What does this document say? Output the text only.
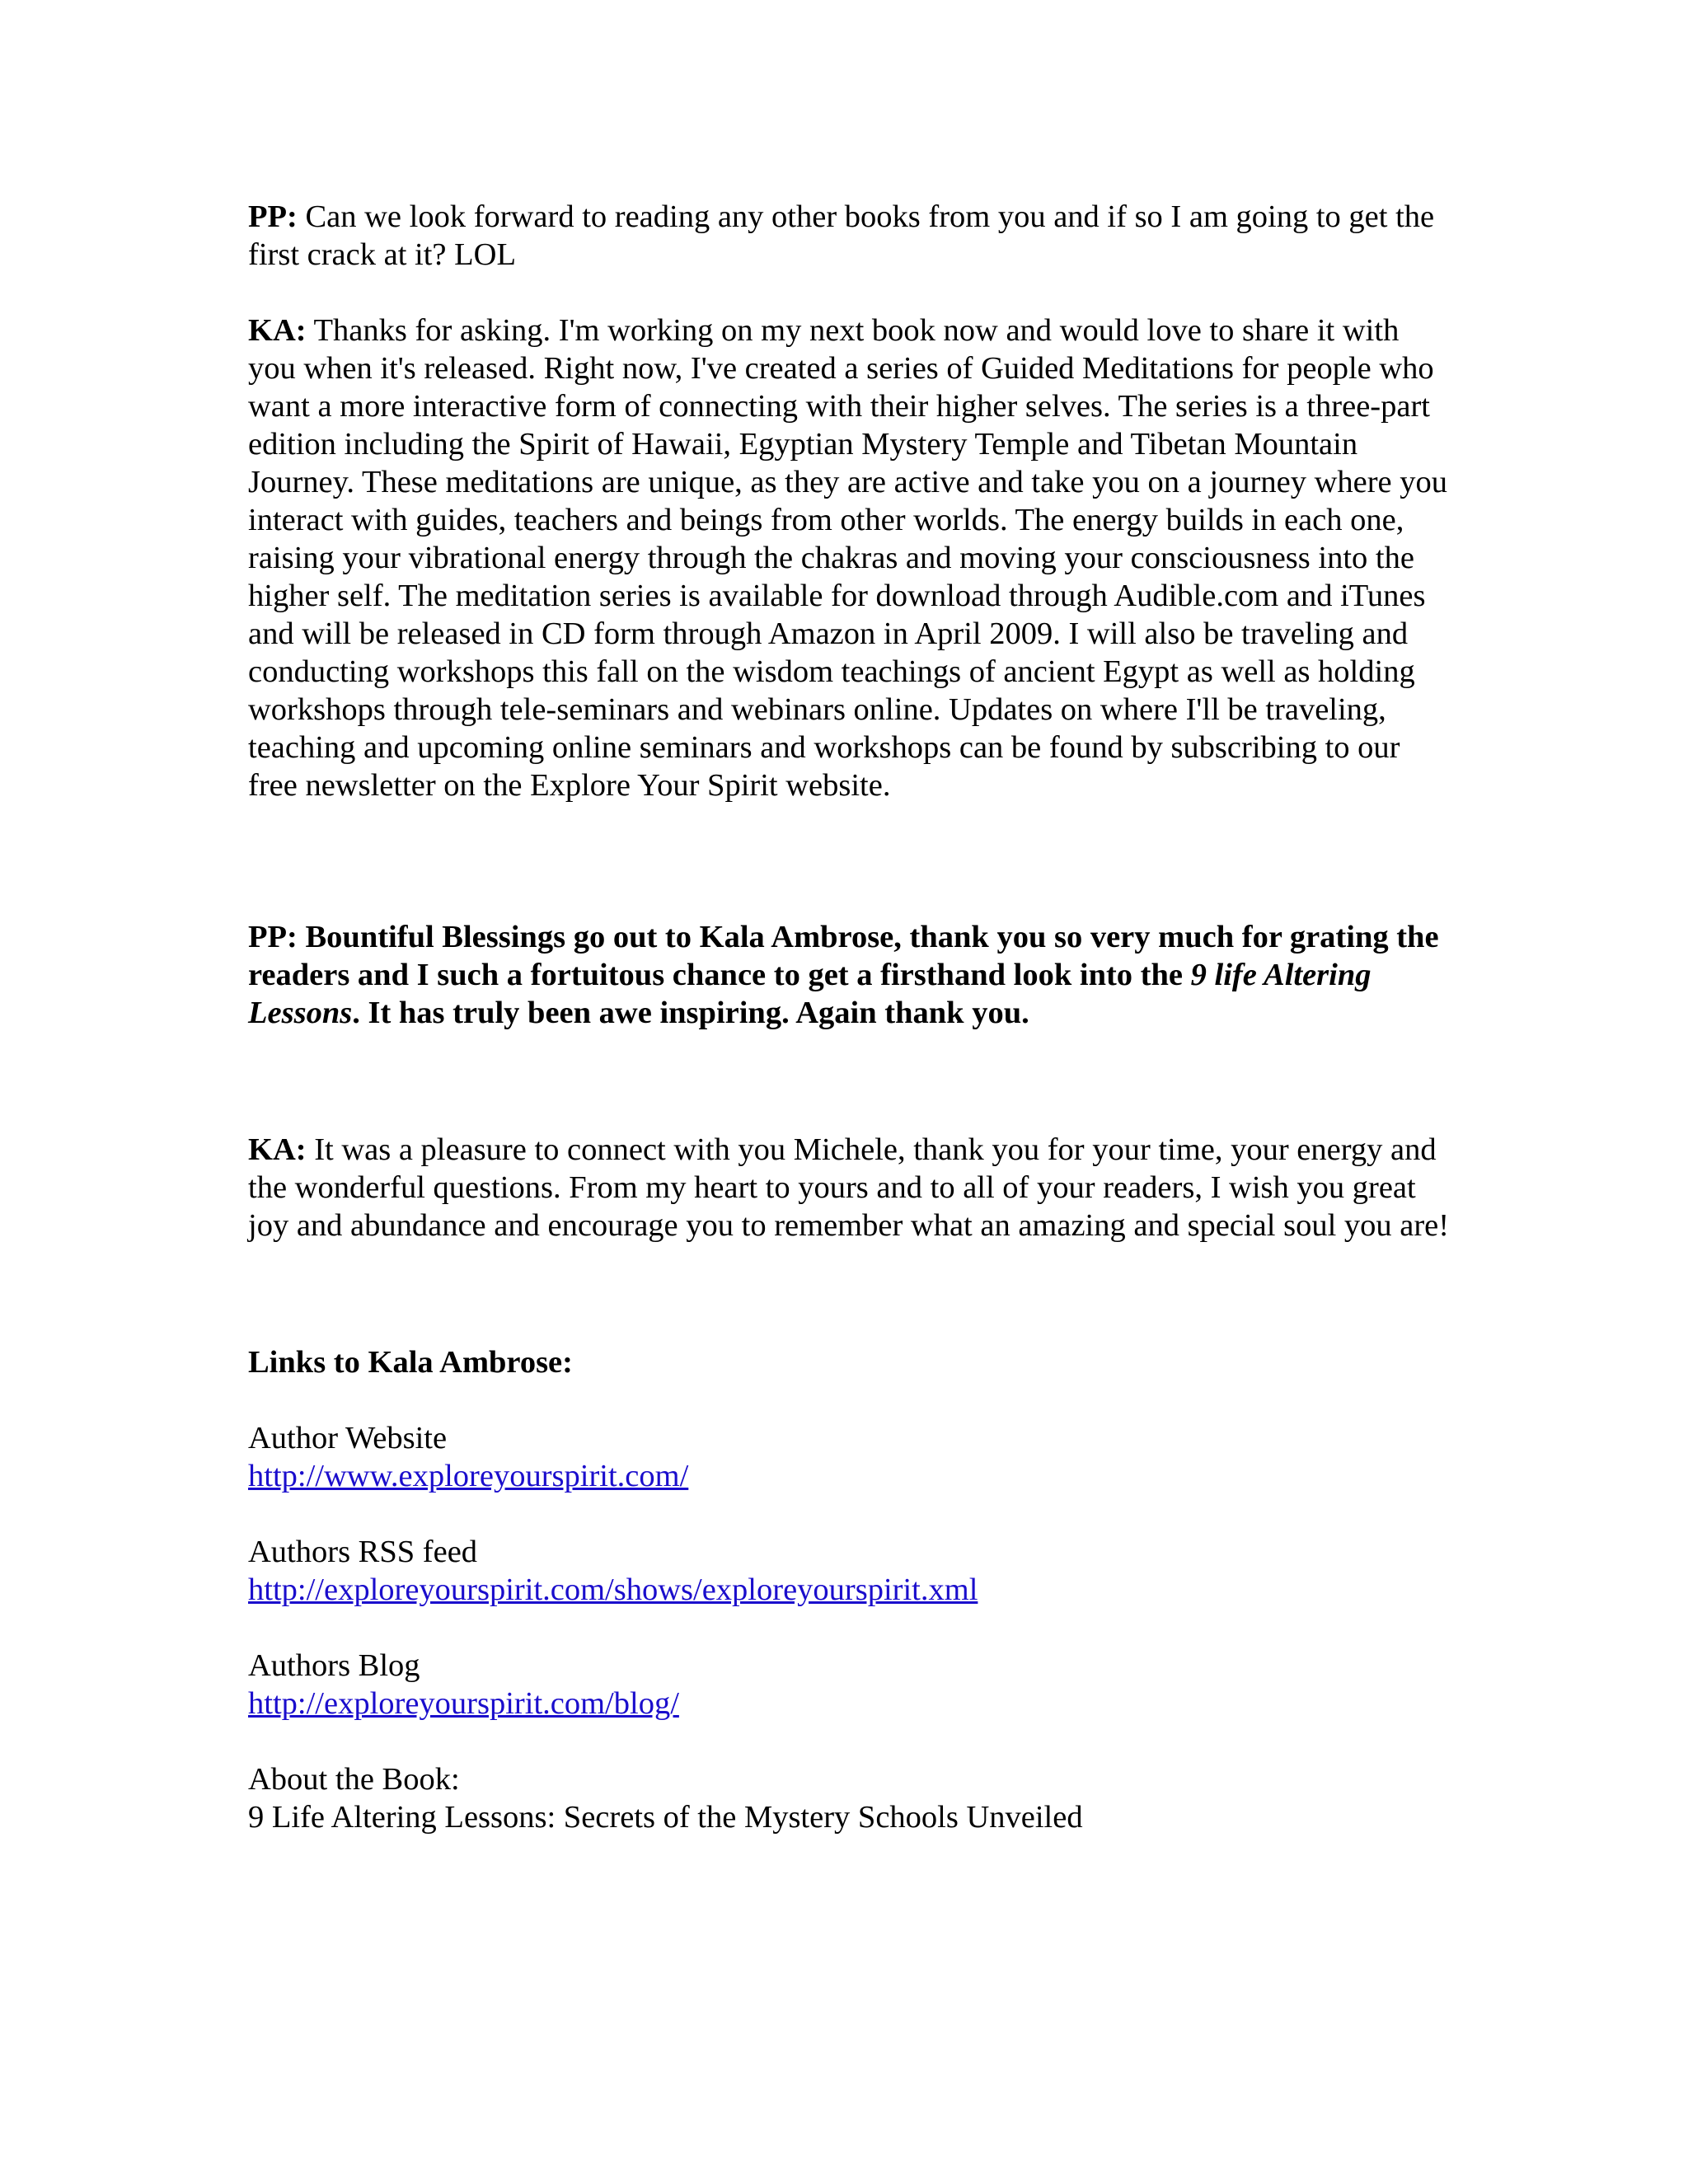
PP: Can we look forward to reading any other books from you and if so I am going to get the first crack at it? LOL

KA: Thanks for asking. I'm working on my next book now and would love to share it with you when it's released. Right now, I've created a series of Guided Meditations for people who want a more interactive form of connecting with their higher selves. The series is a three-part edition including the Spirit of Hawaii, Egyptian Mystery Temple and Tibetan Mountain Journey. These meditations are unique, as they are active and take you on a journey where you interact with guides, teachers and beings from other worlds. The energy builds in each one, raising your vibrational energy through the chakras and moving your consciousness into the higher self. The meditation series is available for download through Audible.com and iTunes and will be released in CD form through Amazon in April 2009. I will also be traveling and conducting workshops this fall on the wisdom teachings of ancient Egypt as well as holding workshops through tele-seminars and webinars online. Updates on where I'll be traveling, teaching and upcoming online seminars and workshops can be found by subscribing to our free newsletter on the Explore Your Spirit website.

PP: Bountiful Blessings go out to Kala Ambrose, thank you so very much for grating the readers and I such a fortuitous chance to get a firsthand look into the 9 life Altering Lessons. It has truly been awe inspiring. Again thank you.

KA: It was a pleasure to connect with you Michele, thank you for your time, your energy and the wonderful questions. From my heart to yours and to all of your readers, I wish you great joy and abundance and encourage you to remember what an amazing and special soul you are!

Links to Kala Ambrose:

Author Website

http://www.exploreyourspirit.com/

Authors RSS feed

http://exploreyourspirit.com/shows/exploreyourspirit.xml

Authors Blog

http://exploreyourspirit.com/blog/

About the Book:

9 Life Altering Lessons: Secrets of the Mystery Schools Unveiled
